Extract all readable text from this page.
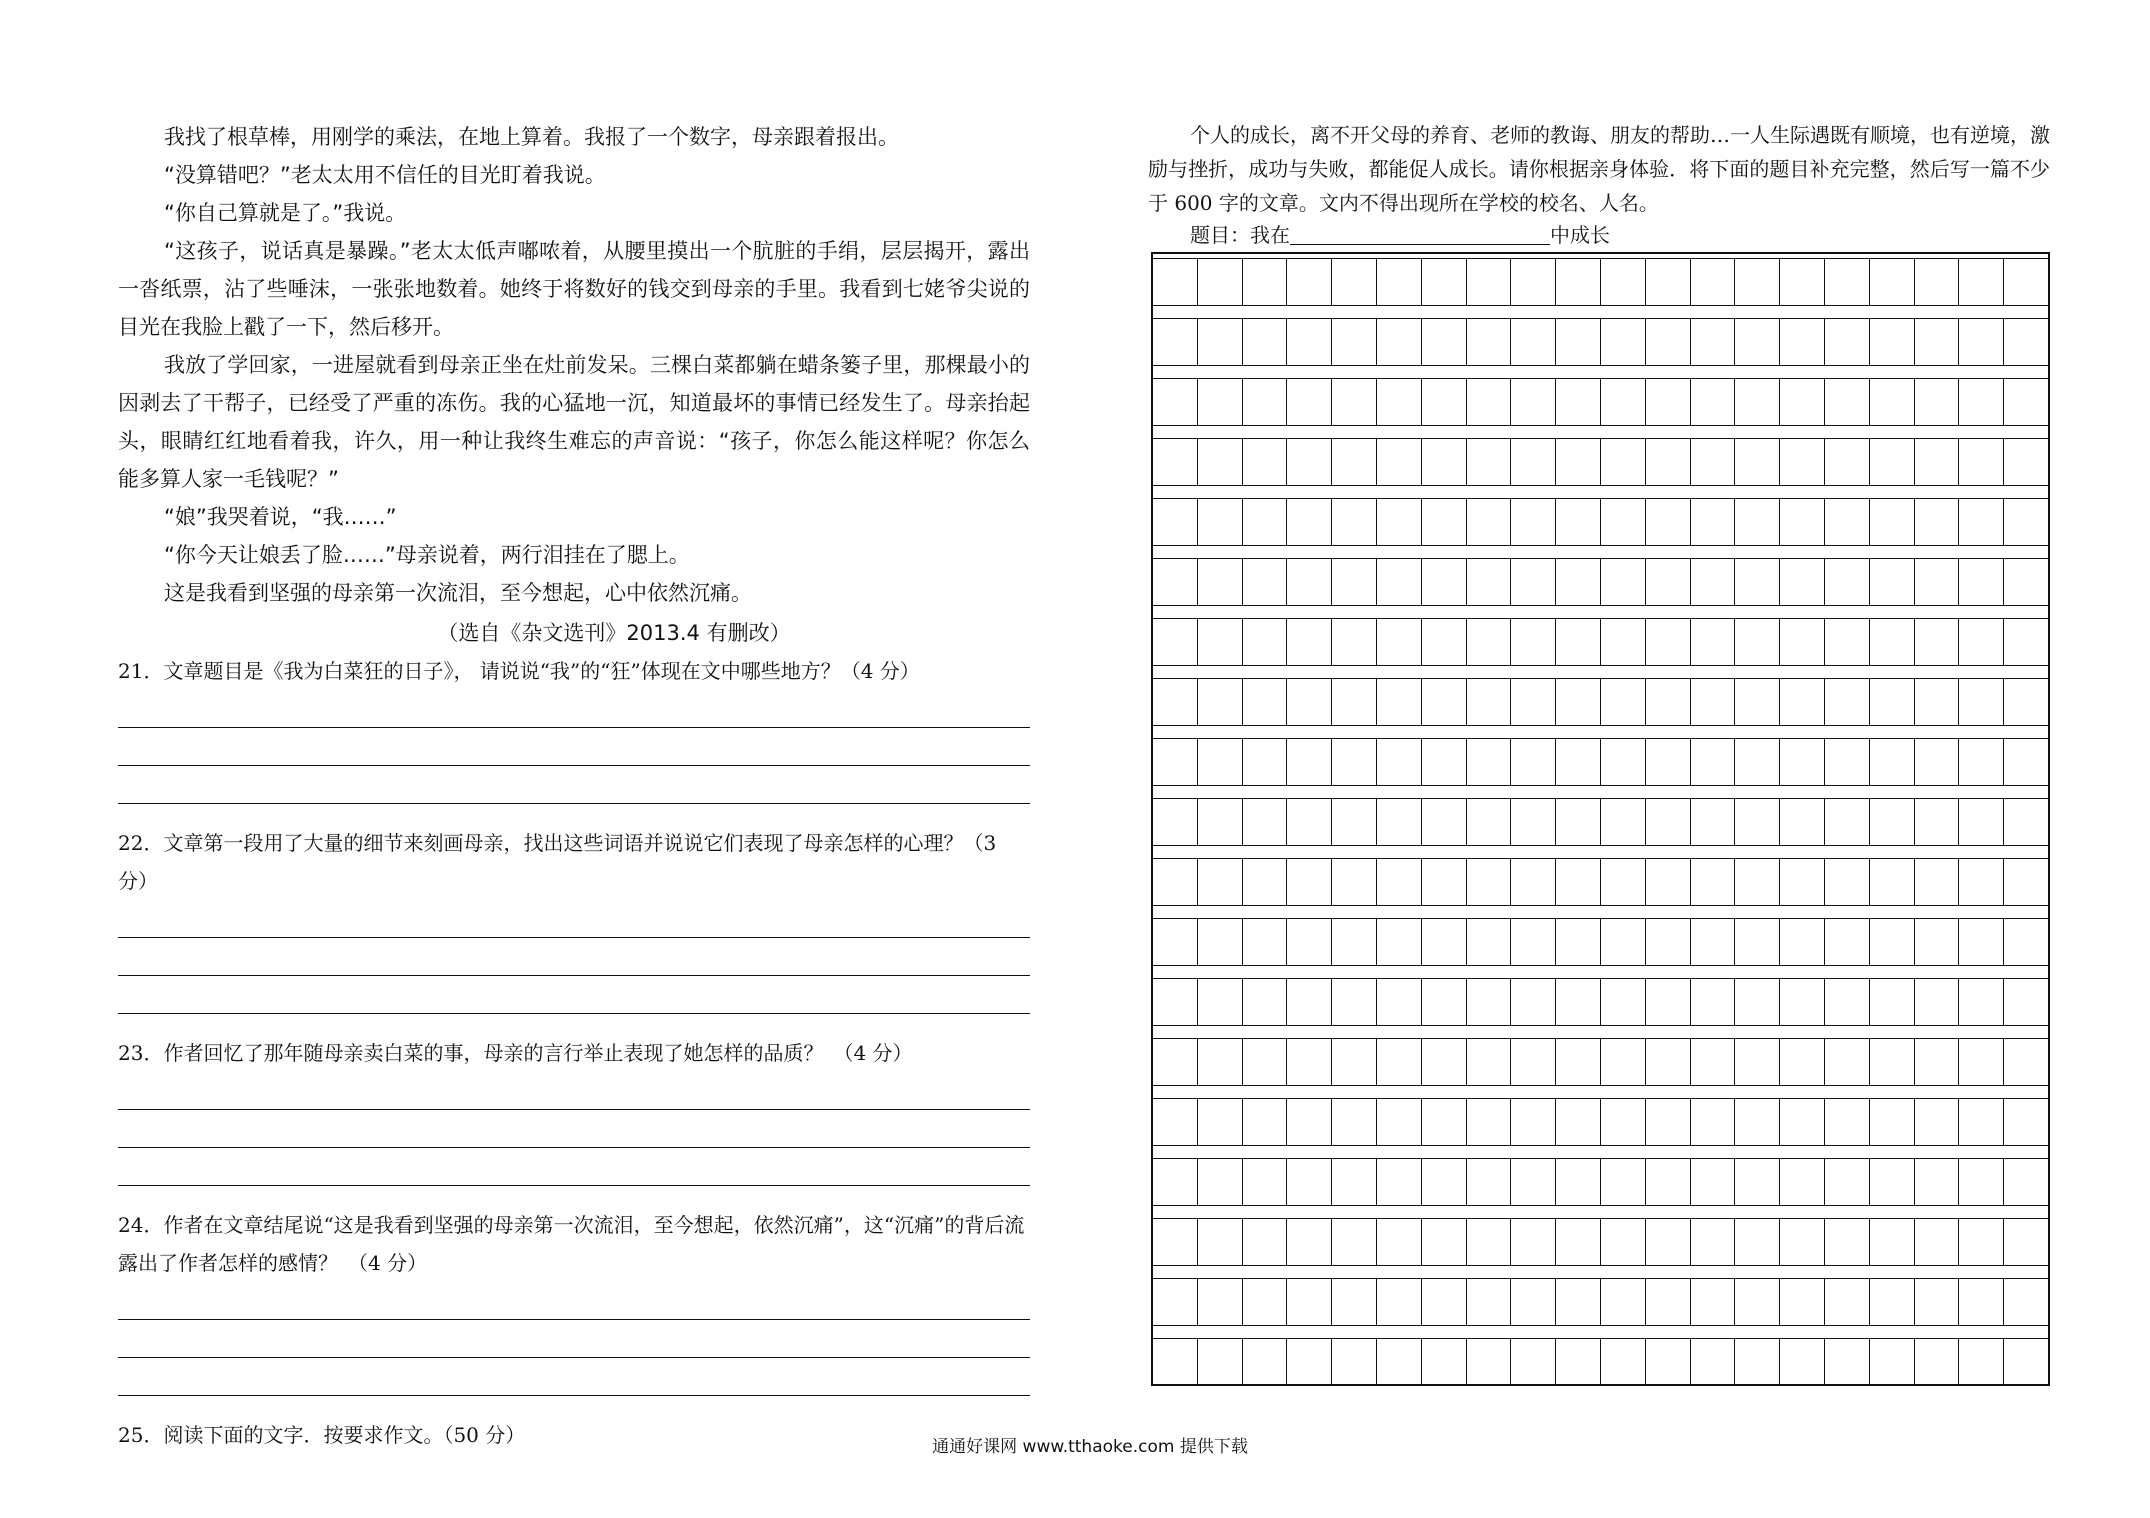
我找了根草棒，用刚学的乘法，在地上算着。我报了一个数字，母亲跟着报出。

“没算错吧？”老太太用不信任的目光盯着我说。

“你自己算就是了。”我说。

“这孩子，说话真是暴躁。”老太太低声嘟哝着，从腰里摸出一个肮脏的手绢，层层揭开，露出一沓纸票，沾了些唾沫，一张张地数着。她终于将数好的钱交到母亲的手里。我看到七姥爷尖说的目光在我脸上戳了一下，然后移开。

我放了学回家，一进屋就看到母亲正坐在灶前发呆。三棵白菜都躺在蜡条篓子里，那棵最小的因剥去了干帮子，已经受了严重的冻伤。我的心猛地一沉，知道最坏的事情已经发生了。母亲抬起头，眼睛红红地看着我，许久，用一种让我终生难忘的声音说：“孩子，你怎么能这样呢？你怎么能多算人家一毛钱呢？”

“娘”我哭着说，“我……”

“你今天让娘丢了脸……”母亲说着，两行泪挂在了腮上。

这是我看到坚强的母亲第一次流泪，至今想起，心中依然沉痛。

（选自《杂文选刊》2013.4 有删改）

21．文章题目是《我为白菜狂的日子》， 请说说“我”的“狂”体现在文中哪些地方？（4 分）

22．文章第一段用了大量的细节来刻画母亲，找出这些词语并说说它们表现了母亲怎样的心理？（3 分）

23．作者回忆了那年随母亲卖白菜的事，母亲的言行举止表现了她怎样的品质？　（4 分）

24．作者在文章结尾说“这是我看到坚强的母亲第一次流泪，至今想起，依然沉痛”，这“沉痛”的背后流露出了作者怎样的感情？　（4 分）

25．阅读下面的文字．按要求作文。（50 分）

个人的成长，离不开父母的养育、老师的教诲、朋友的帮助…一人生际遇既有顺境，也有逆境，激励与挫折，成功与失败，都能促人成长。请你根据亲身体验．将下面的题目补充完整，然后写一篇不少于 600 字的文章。文内不得出现所在学校的校名、人名。

题目：我在	中成长
通通好课网 www.tthaoke.com 提供下载
